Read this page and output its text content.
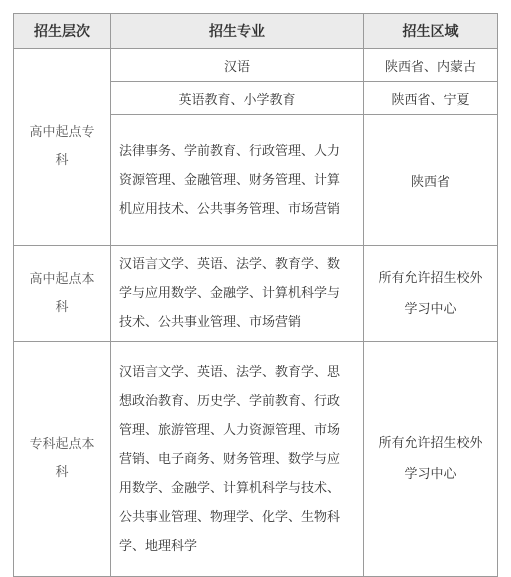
招生层次	招生专业	招生区域
高中起点专科	汉语	陕西省、内蒙古
	英语教育、小学教育	陕西省、宁夏
	法律事务、学前教育、行政管理、人力资源管理、金融管理、财务管理、计算机应用技术、公共事务管理、市场营销	陕西省
高中起点本科	汉语言文学、英语、法学、教育学、数学与应用数学、金融学、计算机科学与技术、公共事业管理、市场营销	所有允许招生校外学习中心
专科起点本科	汉语言文学、英语、法学、教育学、思想政治教育、历史学、学前教育、行政管理、旅游管理、人力资源管理、市场营销、电子商务、财务管理、数学与应用数学、金融学、计算机科学与技术、公共事业管理、物理学、化学、生物科学、地理科学	所有允许招生校外学习中心
